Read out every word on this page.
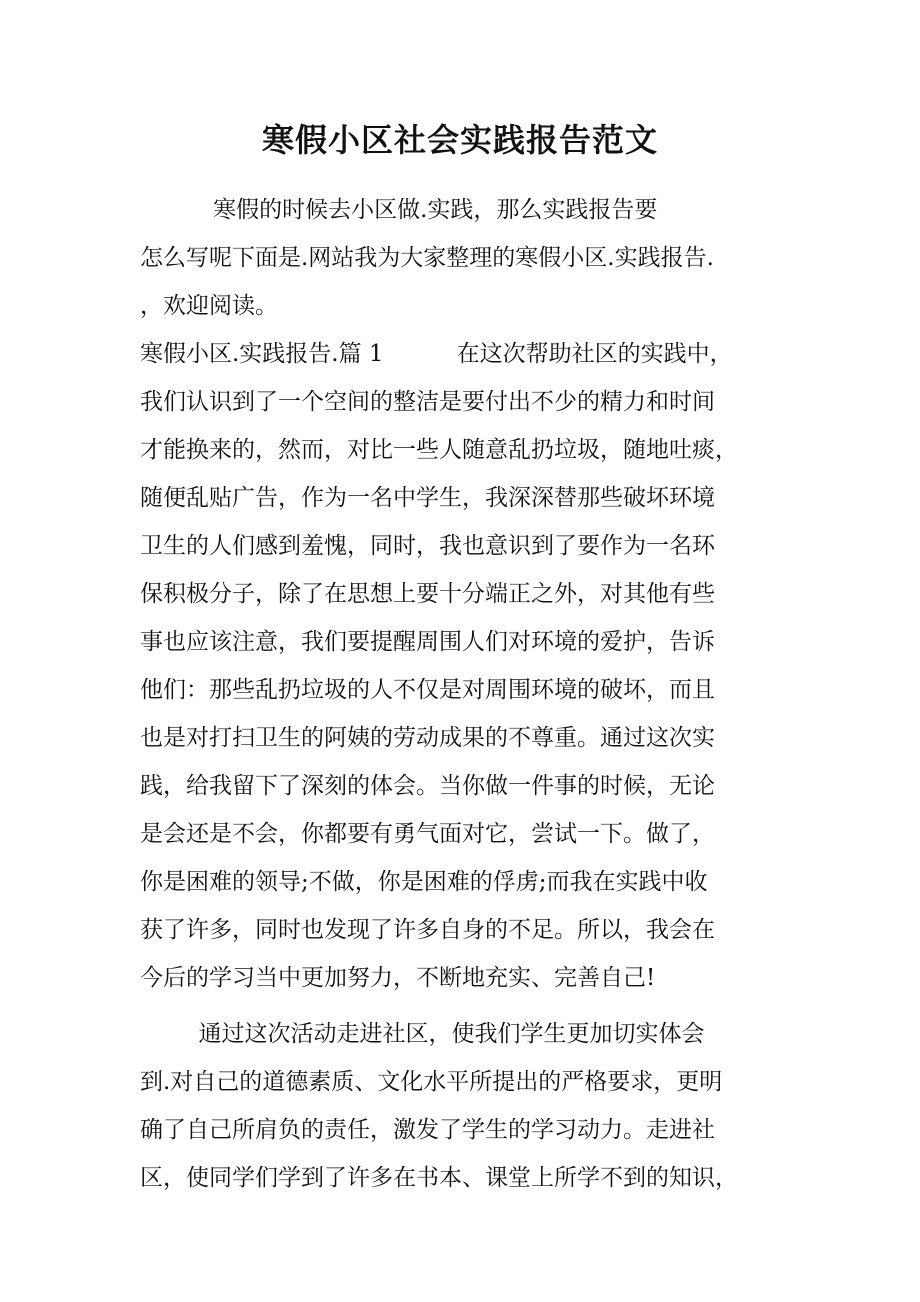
寒假小区社会实践报告范文

寒假的时候去小区做.实践，那么实践报告要

怎么写呢下面是.网站我为大家整理的寒假小区.实践报告.

，欢迎阅读。

寒假小区.实践报告.篇 1          在这次帮助社区的实践中，

我们认识到了一个空间的整洁是要付出不少的精力和时间

才能换来的，然而，对比一些人随意乱扔垃圾，随地吐痰，

随便乱贴广告，作为一名中学生，我深深替那些破坏环境

卫生的人们感到羞愧，同时，我也意识到了要作为一名环

保积极分子，除了在思想上要十分端正之外，对其他有些

事也应该注意，我们要提醒周围人们对环境的爱护，告诉

他们：那些乱扔垃圾的人不仅是对周围环境的破坏，而且

也是对打扫卫生的阿姨的劳动成果的不尊重。通过这次实

践，给我留下了深刻的体会。当你做一件事的时候，无论

是会还是不会，你都要有勇气面对它，尝试一下。做了，

你是困难的领导;不做，你是困难的俘虏;而我在实践中收

获了许多，同时也发现了许多自身的不足。所以，我会在

今后的学习当中更加努力，不断地充实、完善自己!

通过这次活动走进社区，使我们学生更加切实体会

到.对自己的道德素质、文化水平所提出的严格要求，更明

确了自己所肩负的责任，激发了学生的学习动力。走进社

区，使同学们学到了许多在书本、课堂上所学不到的知识，
